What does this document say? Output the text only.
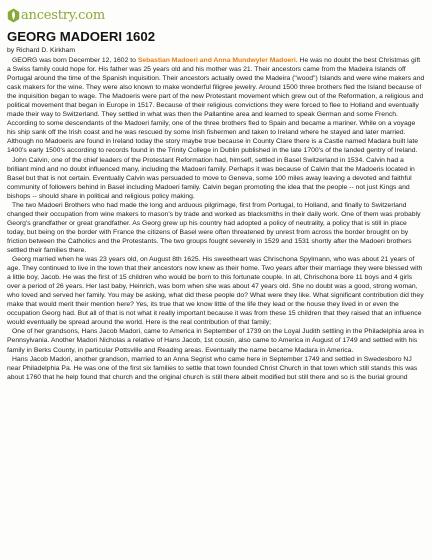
ancestry.com
GEORG MADOERI 1602
by Richard D. Kirkham

GEORG was born December 12, 1602 to Sebastian Madoeri and Anna Mundwyler Madoeri. He was no doubt the best Christmas gift a Swiss family could hope for. His father was 25 years old and his mother was 21. Their ancestors came from the Madeira Islands off Portugal around the time of the Spanish inquisition. Their ancestors actually owed the Madeira ("wood") Islands and were wine makers and cask makers for the wine. They were also known to make wonderful filigree jewelry. Around 1500 three brothers fled the Island because of the inquisition began to wage. The Madoeris were part of the new Protestant movement which grew out of the Reformation, a religious and political movement that began in Europe in 1517. Because of their religious convictions they were forced to flee to Holland and eventually made their way to Switzerland. They settled in what was then the Pallantine area and learned to speak German and some French. According to some descendants of the Madoeri family, one of the three brothers fled to Spain and became a mariner. While on a voyage his ship sank off the Irish coast and he was rescued by some Irish fishermen and taken to Ireland where he stayed and later married. Although no Madoeris are found in Ireland today the story maybe true because in County Clare there is a Castle named Madara built late 1400's early 1500's according to records found in the Trinity College in Dublin published in the late 1700's of the landed gentry of Ireland.

John Calvin, one of the chief leaders of the Protestant Reformation had, himself, settled in Basel Switzerland in 1534. Calvin had a brilliant mind and no doubt influenced many, including the Madoeri family. Perhaps it was because of Calvin that the Madoeris located in Basel but that is not certain. Eventually Calvin was persuaded to move to Geneva, some 100 miles away leaving a devoted and faithful community of followers behind in Basel including Madoeri family. Calvin began promoting the idea that the people -- not just Kings and bishops -- should share in political and religious policy making.

The two Madoeri Brothers who had made the long and arduous pilgrimage, first from Portugal, to Holland, and finally to Switzerland changed their occupation from wine makers to mason's by trade and worked as blacksmiths in their daily work. One of them was probably Georg's grandfather or great grandfather. As Georg grew up his country had adopted a policy of neutrality, a policy that is still in place today, but being on the border with France the citizens of Basel were often threatened by unrest from across the border brought on by friction between the Catholics and the Protestants. The two groups fought severely in 1529 and 1531 shortly after the Madoeri brothers settled their families there.

Georg married when he was 23 years old, on August 8th 1625. His sweetheart was Chrischona Spylmann, who was about 21 years of age. They continued to live in the town that their ancestors now knew as their home. Two years after their marriage they were blessed with a little boy, Jacob. He was the first of 15 children who would be born to this fortunate couple. In all, Chrischona bore 11 boys and 4 girls over a period of 26 years. Her last baby, Heinrich, was born when she was about 47 years old. She no doubt was a good, strong woman, who loved and served her family. You may be asking, what did these people do? What were they like. What significant contribution did they make that would merit their mention here? Yes, its true that we know little of the life they lead or the house they lived in or even the occupation Georg had. But all of that is not what it really important because it was from these 15 children that they raised that an influence would eventually be spread around the world. Here is the real contribution of that family;

One of her grandsons, Hans Jacob Madori, came to America in September of 1739 on the Loyal Judith settling in the Philadelphia area in Pennsylvania. Another Madori Nicholas a relative of Hans Jacob, 1st cousin, also came to America in August of 1749 and settled with his family in Berks County, in particular Pottsville and Reading areas. Eventually the name became Madara in America.

Hans Jacob Madori, another grandson, married to an Anna Segrist who came here in September 1749 and settled in Swedesboro NJ near Philadelphia Pa. He was one of the first six families to settle that town founded Christ Church in that town which still stands this was about 1760 that he help found that church and the original church is still there albeit modified but still there and so is the burial ground
